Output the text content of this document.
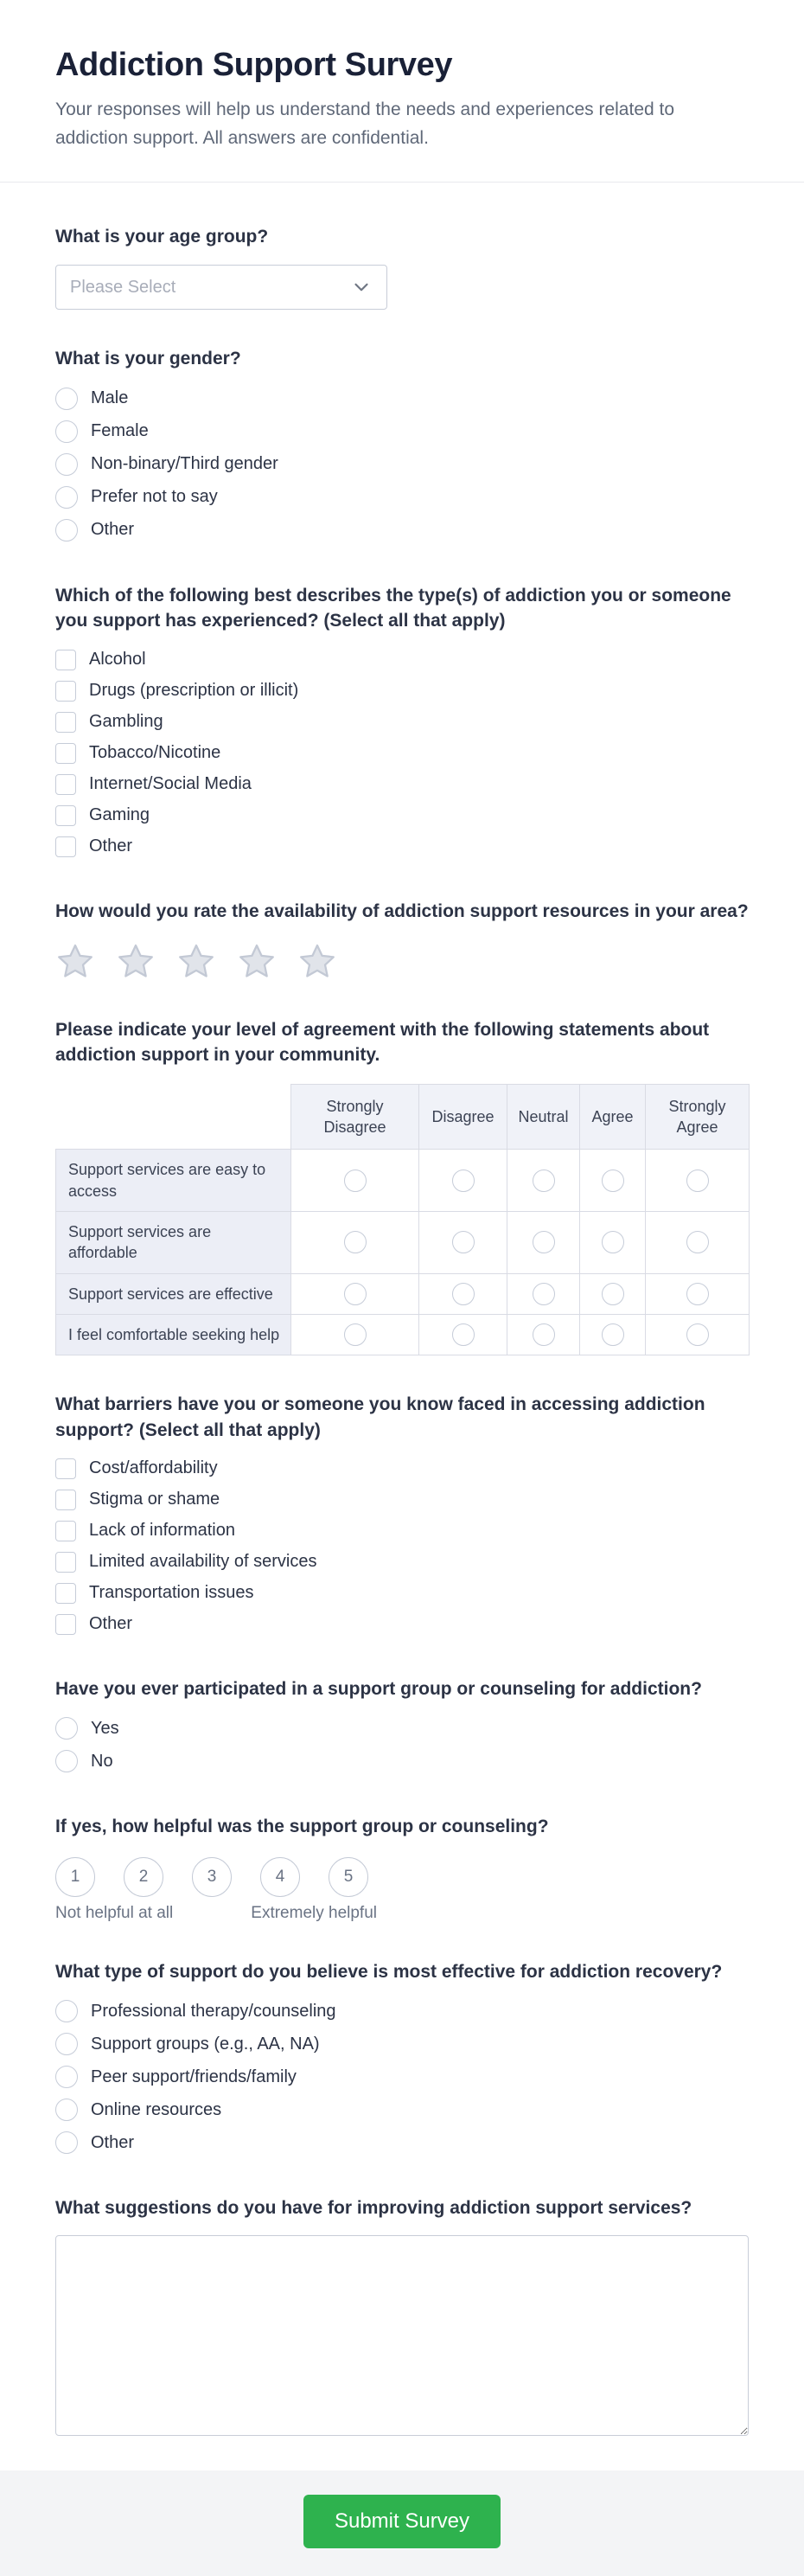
Addiction Support Survey

Your responses will help us understand the needs and experiences related to addiction support. All answers are confidential.

What is your age group?
Please Select
What is your gender?
Male
Female
Non-binary/Third gender
Prefer not to say
Other
Which of the following best describes the type(s) of addiction you or someone you support has experienced? (Select all that apply)
Alcohol
Drugs (prescription or illicit)
Gambling
Tobacco/Nicotine
Internet/Social Media
Gaming
Other
How would you rate the availability of addiction support resources in your area?
Please indicate your level of agreement with the following statements about addiction support in your community.
	Strongly Disagree	Disagree	Neutral	Agree	Strongly Agree
Support services are easy to access					
Support services are affordable					
Support services are effective					
I feel comfortable seeking help					
What barriers have you or someone you know faced in accessing addiction support? (Select all that apply)
Cost/affordability
Stigma or shame
Lack of information
Limited availability of services
Transportation issues
Other
Have you ever participated in a support group or counseling for addiction?
Yes
No
If yes, how helpful was the support group or counseling?
1	2	3	4	5
Not helpful at all	Extremely helpful
What type of support do you believe is most effective for addiction recovery?
Professional therapy/counseling
Support groups (e.g., AA, NA)
Peer support/friends/family
Online resources
Other
What suggestions do you have for improving addiction support services?
Submit Survey
